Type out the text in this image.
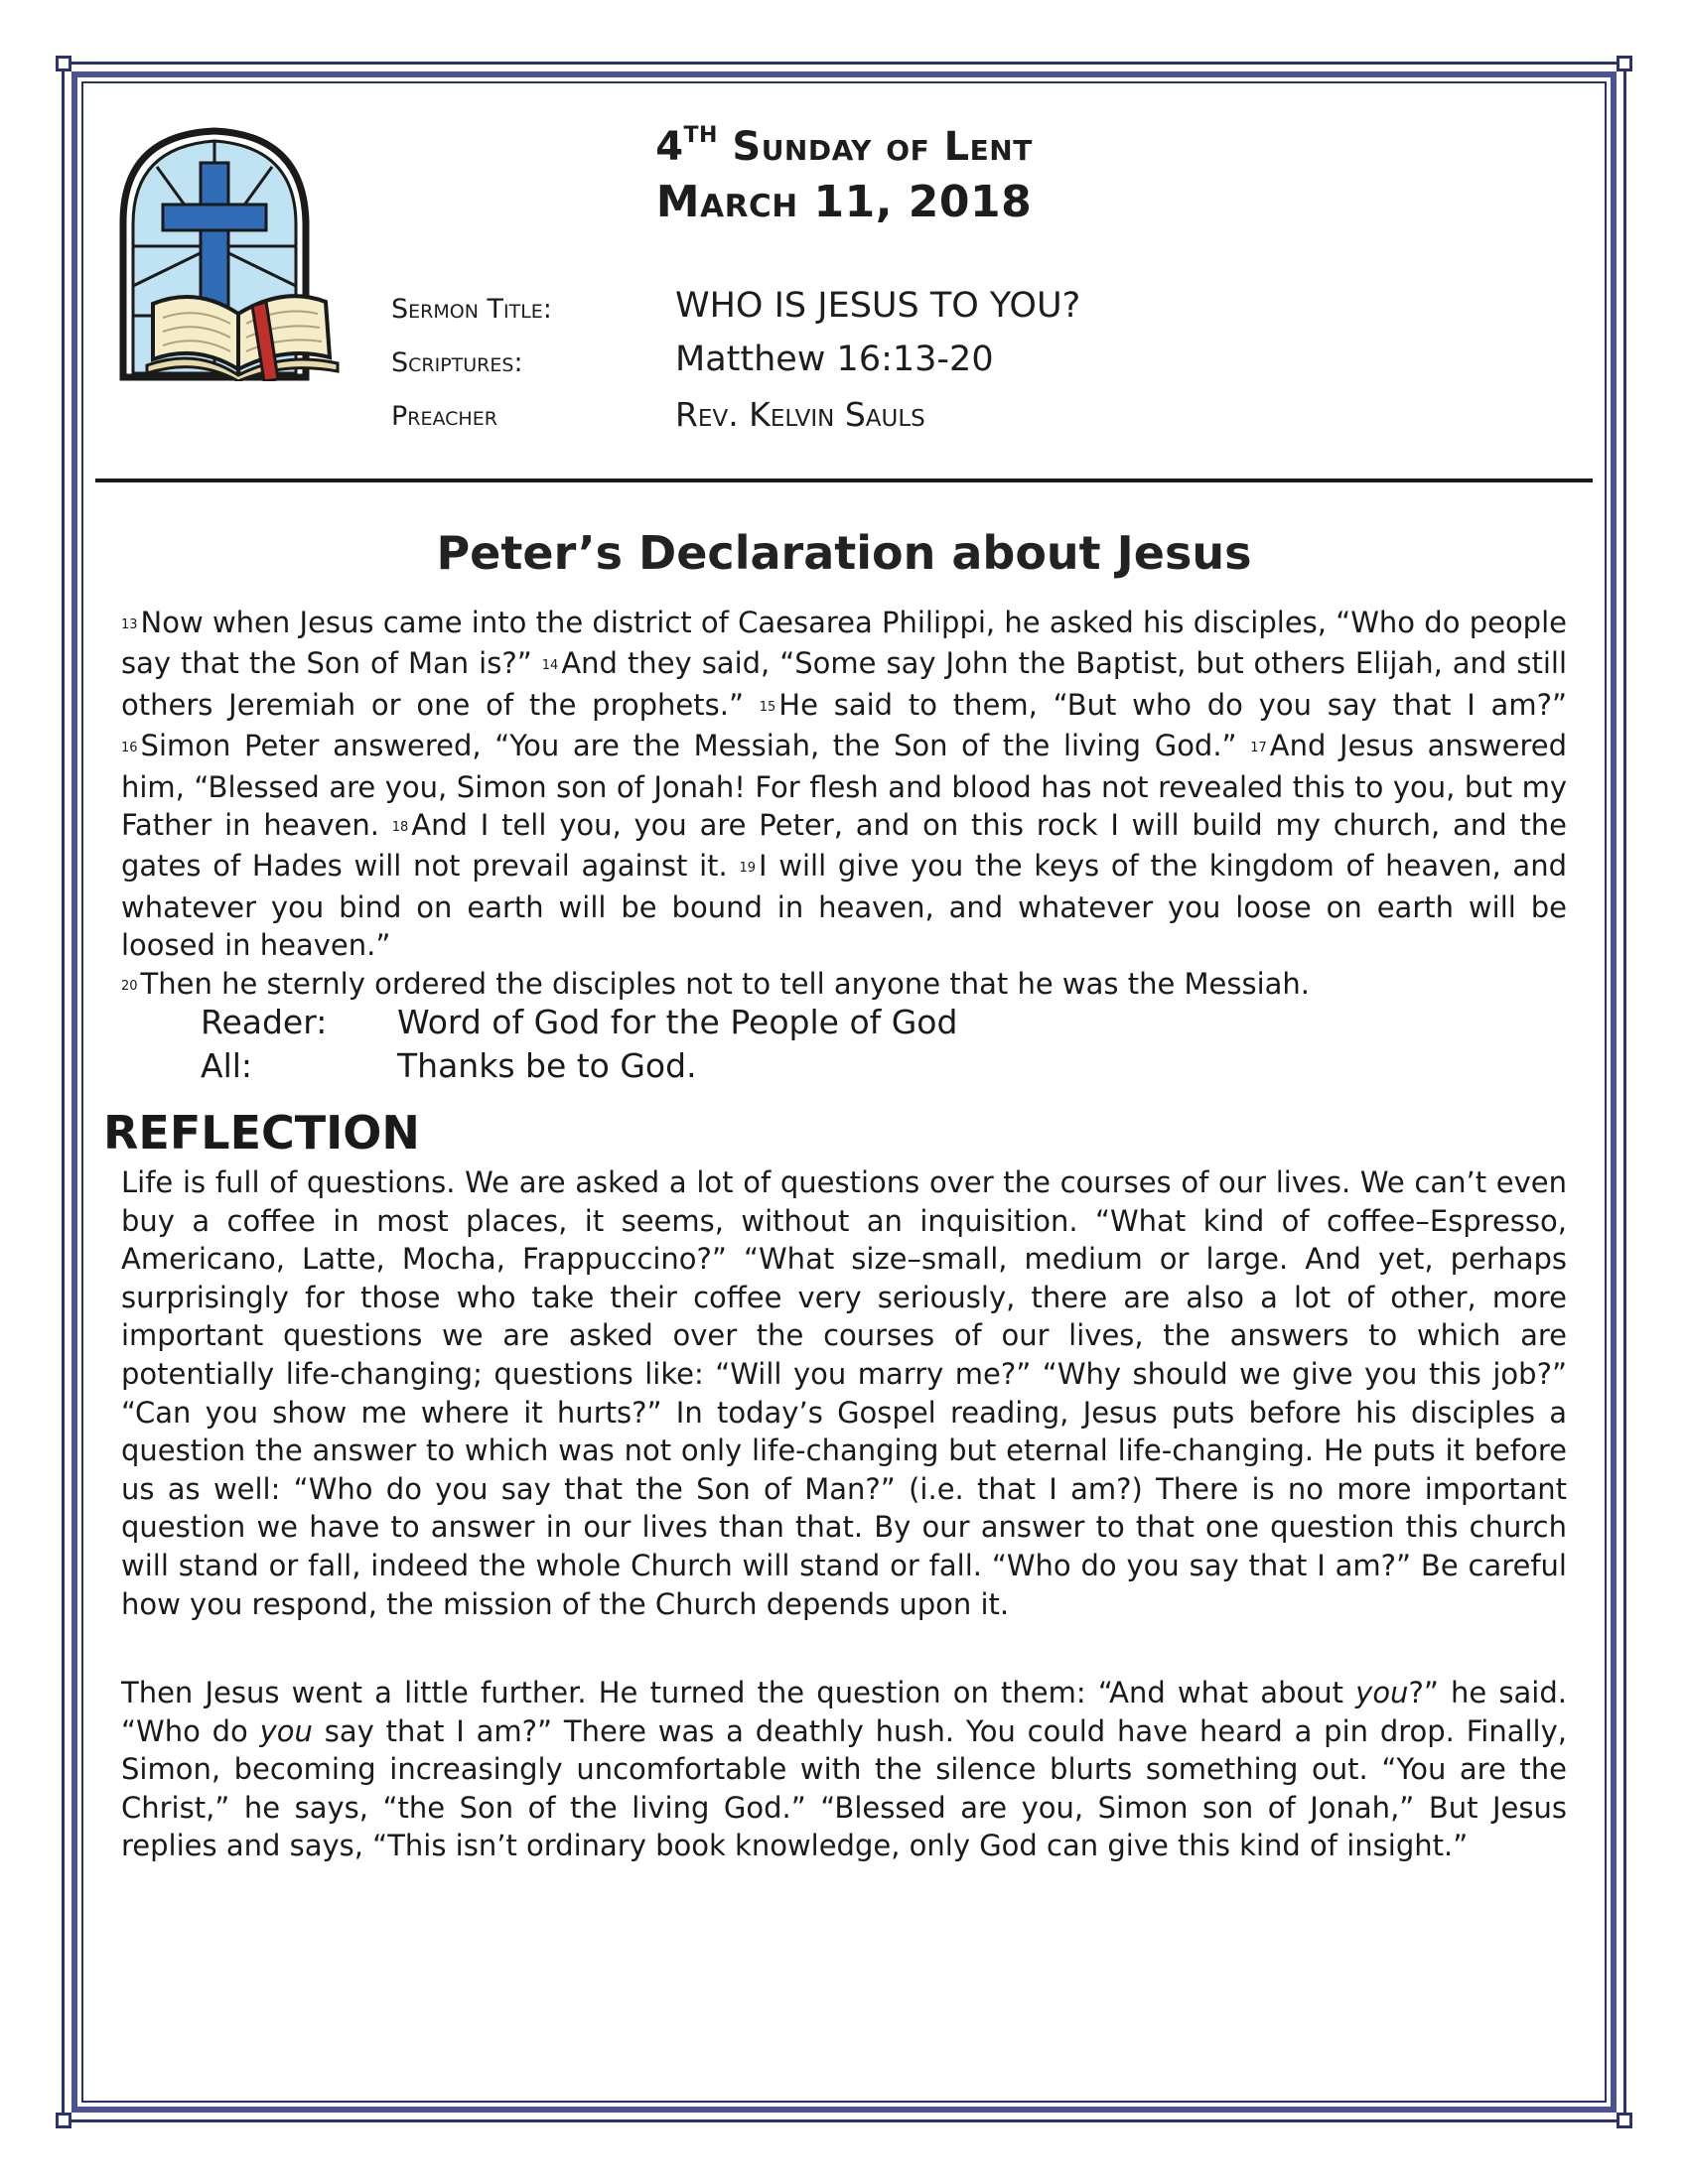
4TH Sunday of Lent
March 11, 2018
Sermon Title:	WHO IS JESUS TO YOU?
Scriptures:	Matthew 16:13-20
Preacher	Rev. Kelvin Sauls
Peter’s Declaration about Jesus
13 Now when Jesus came into the district of Caesarea Philippi, he asked his disciples, “Who do people say that the Son of Man is?” 14 And they said, “Some say John the Baptist, but others Elijah, and still others Jeremiah or one of the prophets.” 15 He said to them, “But who do you say that I am?” 16 Simon Peter answered, “You are the Messiah, the Son of the living God.” 17 And Jesus answered him, “Blessed are you, Simon son of Jonah! For flesh and blood has not revealed this to you, but my Father in heaven. 18 And I tell you, you are Peter, and on this rock I will build my church, and the gates of Hades will not prevail against it. 19 I will give you the keys of the kingdom of heaven, and whatever you bind on earth will be bound in heaven, and whatever you loose on earth will be loosed in heaven.”
20 Then he sternly ordered the disciples not to tell anyone that he was the Messiah.
Reader: Word of God for the People of God
All:	Thanks be to God.
REFLECTION

Life is full of questions. We are asked a lot of questions over the courses of our lives. We can’t even buy a coffee in most places, it seems, without an inquisition. “What kind of coffee–Espresso, Americano, Latte, Mocha, Frappuccino?” “What size–small, medium or large. And yet, perhaps surprisingly for those who take their coffee very seriously, there are also a lot of other, more important questions we are asked over the courses of our lives, the answers to which are potentially life-changing; questions like: “Will you marry me?” “Why should we give you this job?” “Can you show me where it hurts?” In today’s Gospel reading, Jesus puts before his disciples a question the answer to which was not only life-changing but eternal life-changing. He puts it before us as well: “Who do you say that the Son of Man?” (i.e. that I am?) There is no more important question we have to answer in our lives than that. By our answer to that one question this church will stand or fall, indeed the whole Church will stand or fall. “Who do you say that I am?” Be careful how you respond, the mission of the Church depends upon it.

Then Jesus went a little further. He turned the question on them: “And what about you?” he said. “Who do you say that I am?” There was a deathly hush. You could have heard a pin drop. Finally, Simon, becoming increasingly uncomfortable with the silence blurts something out. “You are the Christ,” he says, “the Son of the living God.” “Blessed are you, Simon son of Jonah,” But Jesus replies and says, “This isn’t ordinary book knowledge, only God can give this kind of insight.”
